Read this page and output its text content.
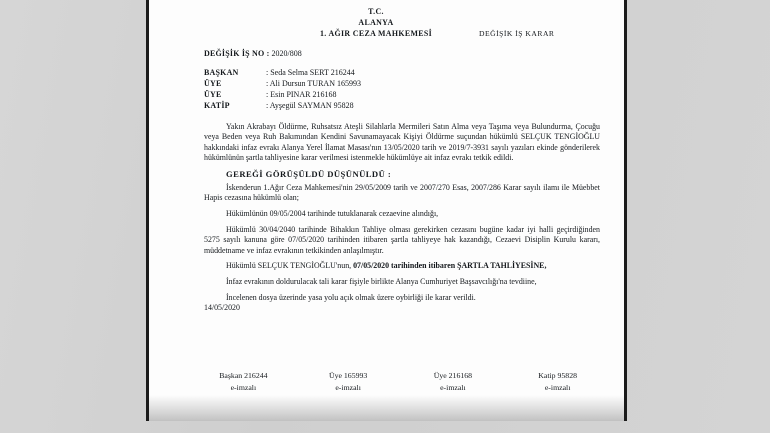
T.C.
ALANYA
1. AĞIR CEZA MAHKEMESİ	DEĞİŞİK İŞ KARAR
DEĞİŞİK İŞ NO : 2020/808
BAŞKAN	: Seda Selma SERT 216244
ÜYE	: Ali Dursun TURAN 165993
ÜYE	: Esin PINAR 216168
KATİP	: Ayşegül SAYMAN 95828

Yakın Akrabayı Öldürme, Ruhsatsız Ateşli Silahlarla Mermileri Satın Alma veya Taşıma veya Bulundurma, Çocuğu veya Beden veya Ruh Bakımından Kendini Savunamayacak Kişiyi Öldürme suçundan hükümlü SELÇUK TENGİOĞLU hakkındaki infaz evrakı Alanya Yerel İlamat Masası'nın 13/05/2020 tarih ve 2019/7-3931 sayılı yazıları ekinde gönderilerek hükümlünün şartla tahliyesine karar verilmesi istenmekle hükümlüye ait infaz evrakı tetkik edildi.

GEREĞİ GÖRÜŞÜLDÜ DÜŞÜNÜLDÜ :

İskenderun 1.Ağır Ceza Mahkemesi'nin 29/05/2009 tarih ve 2007/270 Esas, 2007/286 Karar sayılı ilamı ile Müebbet Hapis cezasına hükümlü olan;

Hükümlünün 09/05/2004 tarihinde tutuklanarak cezaevine alındığı,

Hükümlü 30/04/2040 tarihinde Bihakkın Tahliye olması gerekirken cezasını bugüne kadar iyi halli geçirdiğinden 5275 sayılı kanuna göre 07/05/2020 tarihinden itibaren şartla tahliyeye hak kazandığı, Cezaevi Disiplin Kurulu kararı, müddetname ve infaz evrakının tetkikinden anlaşılmıştır.

Hükümlü SELÇUK TENGİOĞLU'nun, 07/05/2020 tarihinden itibaren ŞARTLA TAHLİYESİNE,

İnfaz evrakının doldurulacak tali karar fişiyle birlikte Alanya Cumhuriyet Başsavcılığı'na tevdiine,

İncelenen dosya üzerinde yasa yolu açık olmak üzere oybirliği ile karar verildi.

14/05/2020

Başkan 216244
e-imzalı
Üye 165993
e-imzalı
Üye 216168
e-imzalı
Katip 95828
e-imzalı
